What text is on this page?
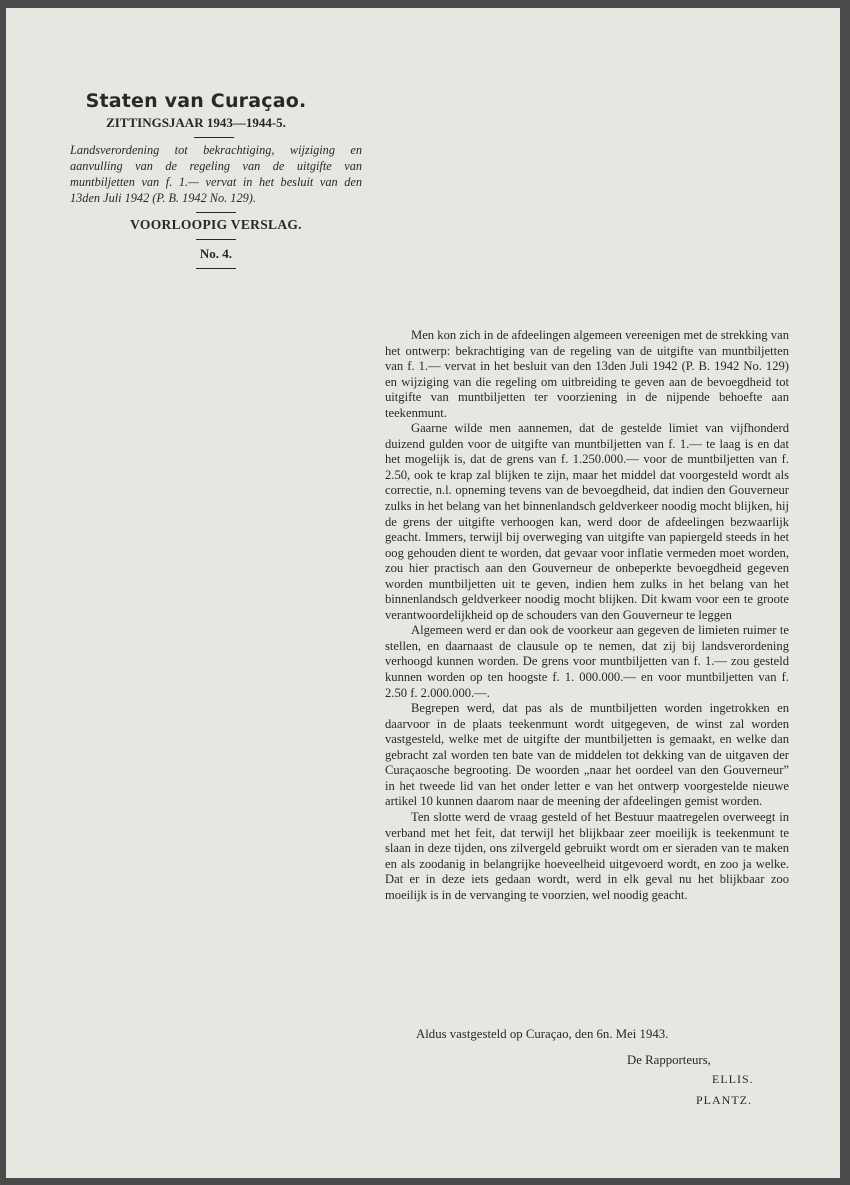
Staten van Curaçao.
ZITTINGSJAAR 1943—1944-5.

Landsverordening tot bekrachtiging, wijziging en aanvulling van de regeling van de uitgifte van muntbiljetten van f. 1.— vervat in het besluit van den 13den Juli 1942 (P. B. 1942 No. 129).

VOORLOOPIG VERSLAG.
No. 4.

Men kon zich in de afdeelingen algemeen vereenigen met de strekking van het ontwerp: bekrachtiging van de regeling van de uitgifte van muntbiljetten van f. 1.— vervat in het besluit van den 13den Juli 1942 (P. B. 1942 No. 129) en wijziging van die regeling om uitbreiding te geven aan de bevoegdheid tot uitgifte van muntbiljetten ter voorziening in de nijpende behoefte aan teekenmunt.

Gaarne wilde men aannemen, dat de gestelde limiet van vijfhonderd duizend gulden voor de uitgifte van muntbiljetten van f. 1.— te laag is en dat het mogelijk is, dat de grens van f. 1.250.000.— voor de muntbiljetten van f. 2.50, ook te krap zal blijken te zijn, maar het middel dat voorgesteld wordt als correctie, n.l. opneming tevens van de bevoegdheid, dat indien den Gouverneur zulks in het belang van het binnenlandsch geldverkeer noodig mocht blijken, hij de grens der uitgifte verhoogen kan, werd door de afdeelingen bezwaarlijk geacht. Immers, terwijl bij overweging van uitgifte van papiergeld steeds in het oog gehouden dient te worden, dat gevaar voor inflatie vermeden moet worden, zou hier practisch aan den Gouverneur de onbeperkte bevoegdheid gegeven worden muntbiljetten uit te geven, indien hem zulks in het belang van het binnenlandsch geldverkeer noodig mocht blijken. Dit kwam voor een te groote verantwoordelijkheid op de schouders van den Gouverneur te leggen

Algemeen werd er dan ook de voorkeur aan gegeven de limieten ruimer te stellen, en daarnaast de clausule op te nemen, dat zij bij landsverordening verhoogd kunnen worden. De grens voor muntbiljetten van f. 1.— zou gesteld kunnen worden op ten hoogste f. 1. 000.000.— en voor muntbiljetten van f. 2.50 f. 2.000.000.—.

Begrepen werd, dat pas als de muntbiljetten worden ingetrokken en daarvoor in de plaats teekenmunt wordt uitgegeven, de winst zal worden vastgesteld, welke met de uitgifte der muntbiljetten is gemaakt, en welke dan gebracht zal worden ten bate van de middelen tot dekking van de uitgaven der Curaçaosche begrooting. De woorden „naar het oordeel van den Gouverneur” in het tweede lid van het onder letter e van het ontwerp voorgestelde nieuwe artikel 10 kunnen daarom naar de meening der afdeelingen gemist worden.

Ten slotte werd de vraag gesteld of het Bestuur maatregelen overweegt in verband met het feit, dat terwijl het blijkbaar zeer moeilijk is teekenmunt te slaan in deze tijden, ons zilvergeld gebruikt wordt om er sieraden van te maken en als zoodanig in belangrijke hoeveelheid uitgevoerd wordt, en zoo ja welke. Dat er in deze iets gedaan wordt, werd in elk geval nu het blijkbaar zoo moeilijk is in de vervanging te voorzien, wel noodig geacht.

Aldus vastgesteld op Curaçao, den 6n. Mei 1943.
De Rapporteurs,
ELLIS.
PLANTZ.
